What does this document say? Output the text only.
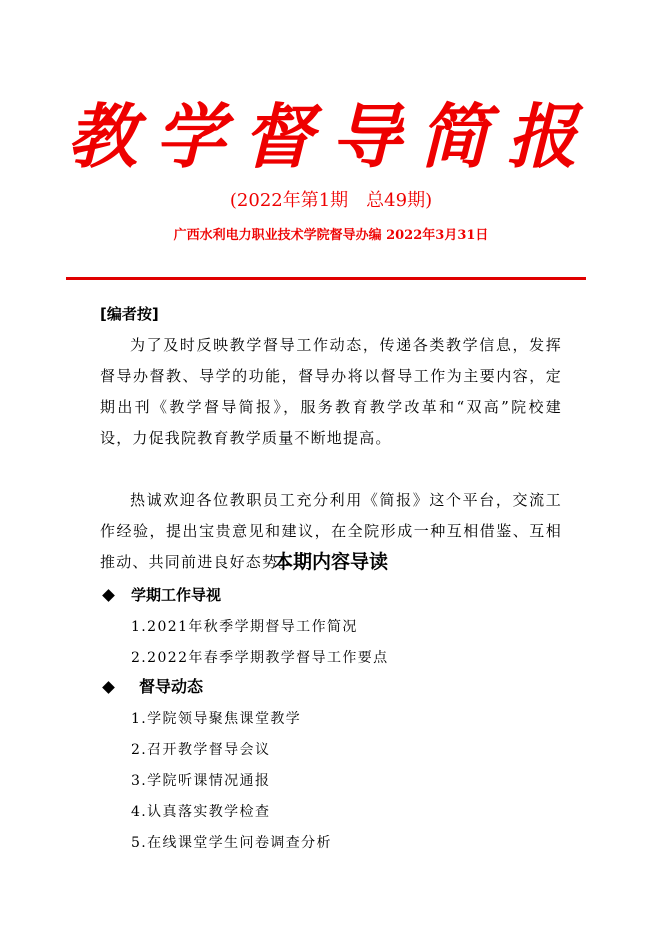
教学督导简报
(2022年第1期　总49期)
广西水利电力职业技术学院督导办编 2022年3月31日
[编者按]
为了及时反映教学督导工作动态，传递各类教学信息，发挥督导办督教、导学的功能，督导办将以督导工作为主要内容，定期出刊《教学督导简报》，服务教育教学改革和“双高”院校建设，力促我院教育教学质量不断地提高。
热诚欢迎各位教职员工充分利用《简报》这个平台，交流工作经验，提出宝贵意见和建议，在全院形成一种互相借鉴、互相推动、共同前进良好态势。
本期内容导读
学期工作导视
1.2021年秋季学期督导工作简况
2.2022年春季学期教学督导工作要点
督导动态
1.学院领导聚焦课堂教学
2.召开教学督导会议
3.学院听课情况通报
4.认真落实教学检查
5.在线课堂学生问卷调查分析
